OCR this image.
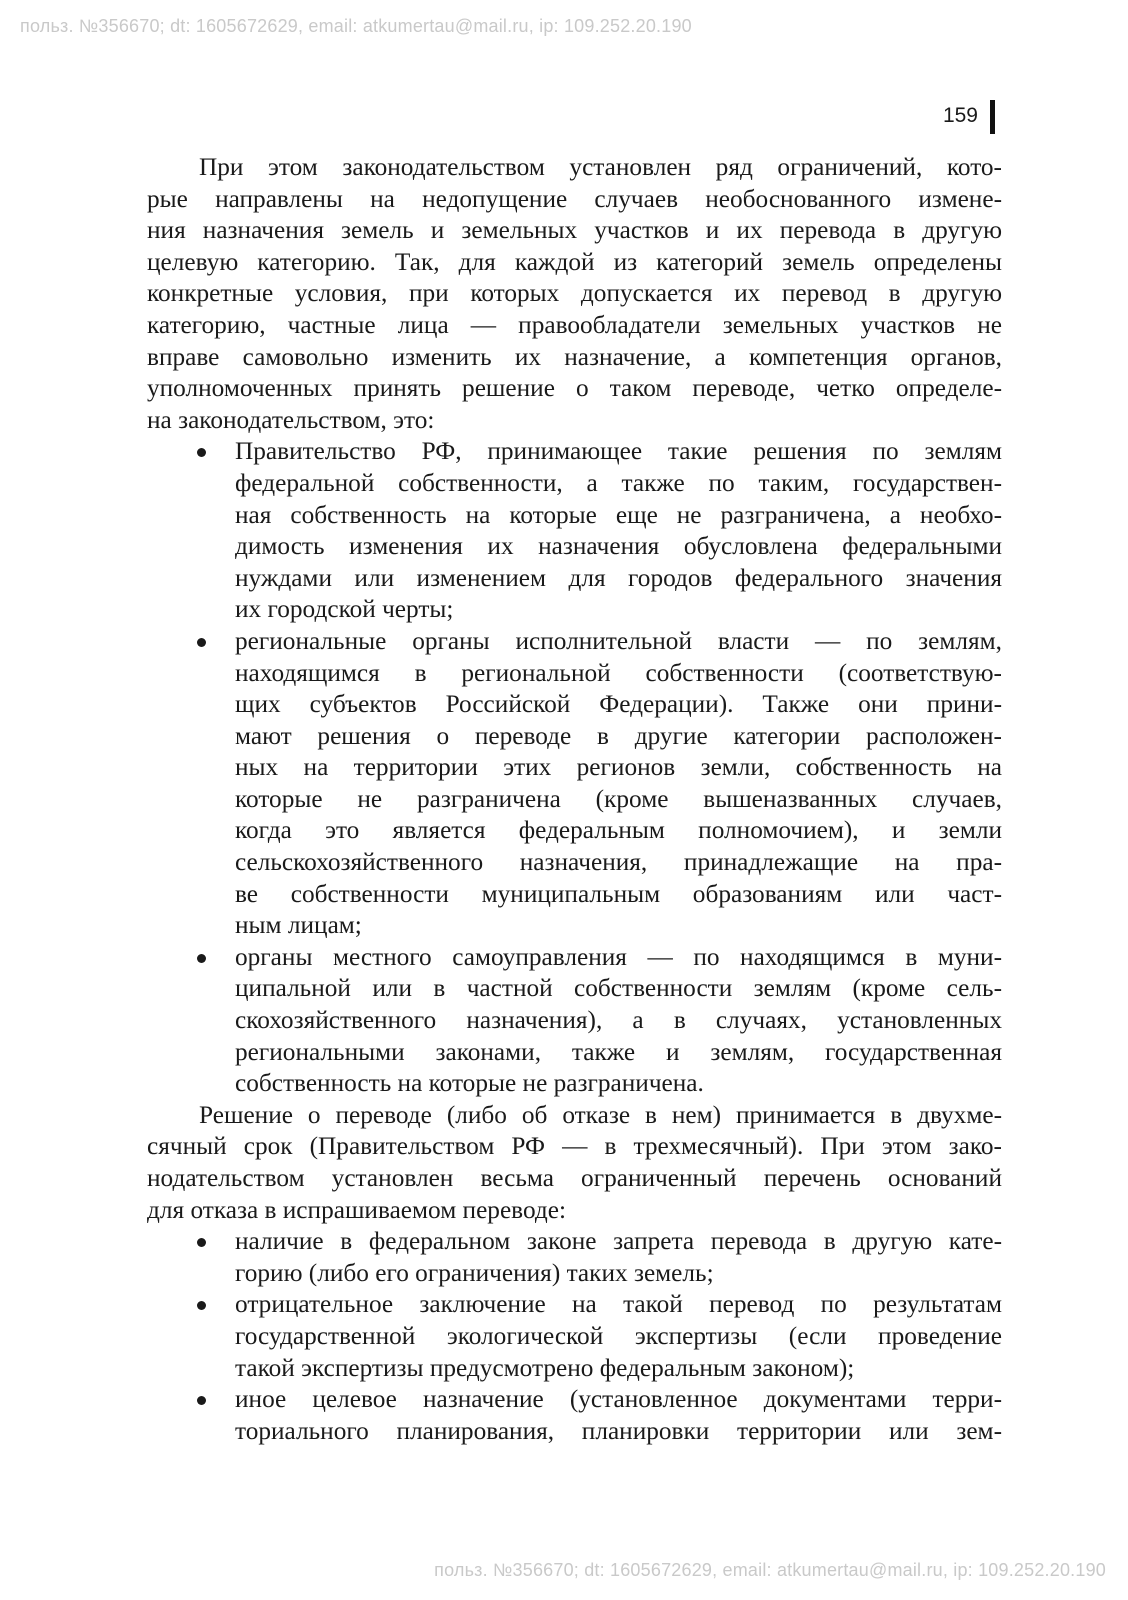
польз. №356670; dt: 1605672629, email: atkumertau@mail.ru, ip: 109.252.20.190
159
При этом законодательством установлен ряд ограничений, кото-
рые направлены на недопущение случаев необоснованного измене-
ния назначения земель и земельных участков и их перевода в другую
целевую категорию. Так, для каждой из категорий земель определены
конкретные условия, при которых допускается их перевод в другую
категорию, частные лица — правообладатели земельных участков не
вправе самовольно изменить их назначение, а компетенция органов,
уполномоченных принять решение о таком переводе, четко определе-
на законодательством, это:
Правительство РФ, принимающее такие решения по землям
федеральной собственности, а также по таким, государствен-
ная собственность на которые еще не разграничена, а необхо-
димость изменения их назначения обусловлена федеральными
нуждами или изменением для городов федерального значения
их городской черты;
региональные органы исполнительной власти — по землям,
находящимся в региональной собственности (соответствую-
щих субъектов Российской Федерации). Также они прини-
мают решения о переводе в другие категории расположен-
ных на территории этих регионов земли, собственность на
которые не разграничена (кроме вышеназванных случаев,
когда это является федеральным полномочием), и земли
сельскохозяйственного назначения, принадлежащие на пра-
ве собственности муниципальным образованиям или част-
ным лицам;
органы местного самоуправления — по находящимся в муни-
ципальной или в частной собственности землям (кроме сель-
скохозяйственного назначения), а в случаях, установленных
региональными законами, также и землям, государственная
собственность на которые не разграничена.
Решение о переводе (либо об отказе в нем) принимается в двухме-
сячный срок (Правительством РФ — в трехмесячный). При этом зако-
нодательством установлен весьма ограниченный перечень оснований
для отказа в испрашиваемом переводе:
наличие в федеральном законе запрета перевода в другую кате-
горию (либо его ограничения) таких земель;
отрицательное заключение на такой перевод по результатам
государственной экологической экспертизы (если проведение
такой экспертизы предусмотрено федеральным законом);
иное целевое назначение (установленное документами терри-
ториального планирования, планировки территории или зем-
польз. №356670; dt: 1605672629, email: atkumertau@mail.ru, ip: 109.252.20.190
